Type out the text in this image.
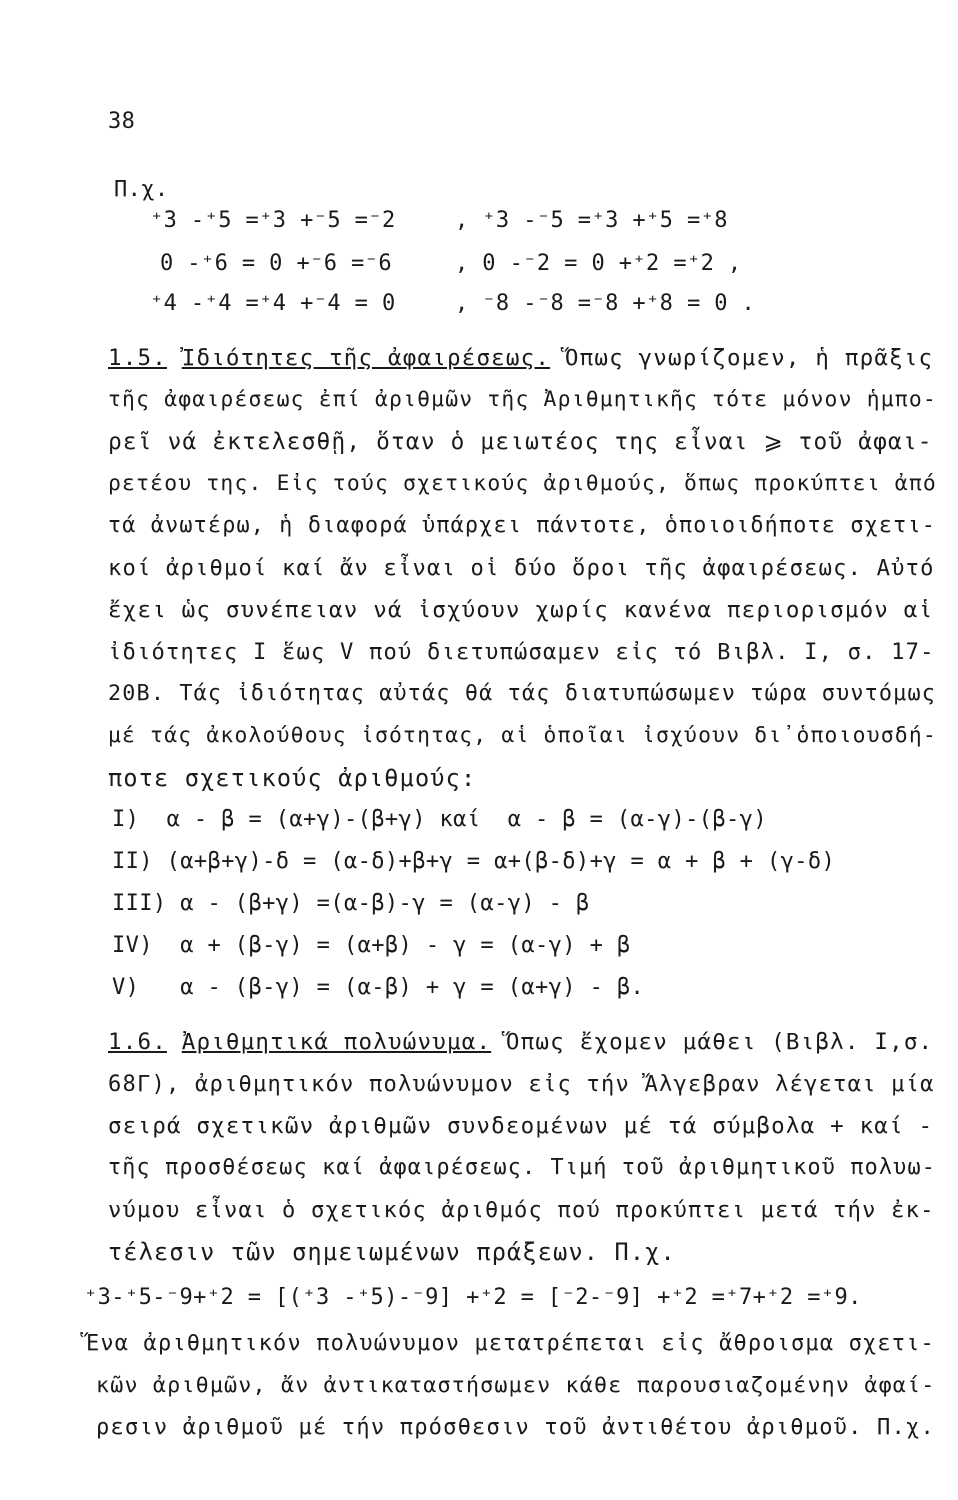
38
Π.χ.
⁺3 -⁺5 =⁺3 +⁻5 =⁻2	, ⁺3 -⁻5 =⁺3 +⁺5 =⁺8
0 -⁺6 = 0 +⁻6 =⁻6	, 0 -⁻2 = 0 +⁺2 =⁺2 ,
⁺4 -⁺4 =⁺4 +⁻4 = 0	, ⁻8 -⁻8 =⁻8 +⁺8 = 0 .
1.5. Ἰδιότητες τῆς ἀφαιρέσεως. Ὅπως γνωρίζομεν, ἡ πρᾶξις
τῆς ἀφαιρέσεως ἐπί ἀριθμῶν τῆς Ἀριθμητικῆς τότε μόνον ἡμπο-
ρεῖ νά ἐκτελεσθῇ, ὅταν ὁ μειωτέος της εἶναι ⩾ τοῦ ἀφαι-
ρετέου της. Εἰς τούς σχετικούς ἀριθμούς, ὅπως προκύπτει ἀπό
τά ἀνωτέρω, ἡ διαφορά ὑπάρχει πάντοτε, ὁποιοιδήποτε σχετι-
κοί ἀριθμοί καί ἄν εἶναι οἱ δύο ὅροι τῆς ἀφαιρέσεως. Αὐτό
ἔχει ὡς συνέπειαν νά ἰσχύουν χωρίς κανένα περιορισμόν αἱ
ἰδιότητες I ἕως V πού διετυπώσαμεν εἰς τό Βιβλ. I, σ. 17-
20Β. Τάς ἰδιότητας αὐτάς θά τάς διατυπώσωμεν τώρα συντόμως
μέ τάς ἀκολούθους ἰσότητας, αἱ ὁποῖαι ἰσχύουν δι᾽ὁποιουσδή-
ποτε σχετικούς ἀριθμούς:
I)  α - β = (α+γ)-(β+γ) καί  α - β = (α-γ)-(β-γ)
II) (α+β+γ)-δ = (α-δ)+β+γ = α+(β-δ)+γ = α + β + (γ-δ)
III) α - (β+γ) =(α-β)-γ = (α-γ) - β
IV)  α + (β-γ) = (α+β) - γ = (α-γ) + β
V)   α - (β-γ) = (α-β) + γ = (α+γ) - β.
1.6. Ἀριθμητικά πολυώνυμα. Ὅπως ἔχομεν μάθει (Βιβλ. I,σ.
68Γ), ἀριθμητικόν πολυώνυμον εἰς τήν Ἄλγεβραν λέγεται μία
σειρά σχετικῶν ἀριθμῶν συνδεομένων μέ τά σύμβολα + καί -
τῆς προσθέσεως καί ἀφαιρέσεως. Τιμή τοῦ ἀριθμητικοῦ πολυω-
νύμου εἶναι ὁ σχετικός ἀριθμός πού προκύπτει μετά τήν ἐκ-
τέλεσιν τῶν σημειωμένων πράξεων. Π.χ.
⁺3-⁺5-⁻9+⁺2 = [(⁺3 -⁺5)-⁻9] +⁺2 = [⁻2-⁻9] +⁺2 =⁺7+⁺2 =⁺9.
Ἕνα ἀριθμητικόν πολυώνυμον μετατρέπεται εἰς ἄθροισμα σχετι-
κῶν ἀριθμῶν, ἄν ἀντικαταστήσωμεν κάθε παρουσιαζομένην ἀφαί-
ρεσιν ἀριθμοῦ μέ τήν πρόσθεσιν τοῦ ἀντιθέτου ἀριθμοῦ. Π.χ.
